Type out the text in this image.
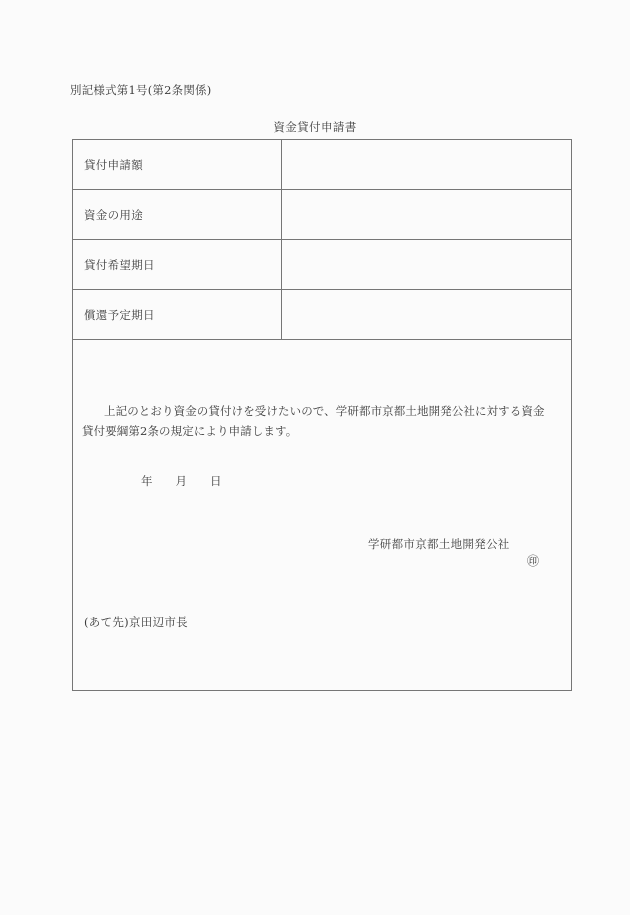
別記様式第1号(第2条関係)
資金貸付申請書
貸付申請額	
資金の用途	
貸付希望期日	
償還予定期日	

上記のとおり資金の貸付けを受けたいので、学研都市京都土地開発公社に対する資金貸付要綱第2条の規定により申請します。
年　　月　　日
学研都市京都土地開発公社
㊞
(あて先)京田辺市長	
